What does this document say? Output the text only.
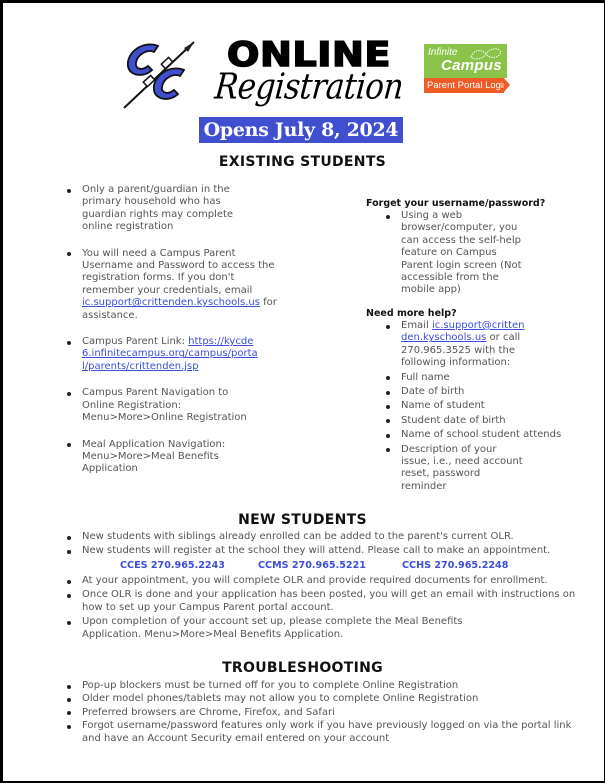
ONLINE
Registration
Infinite
Campus
Parent Portal Login
Opens July 8, 2024
EXISTING STUDENTS
Only a parent/guardian in the primary household who has guardian rights may complete online registration
You will need a Campus Parent Username and Password to access the registration forms. If you don't remember your credentials, email ic.support@crittenden.kyschools.us for assistance.
Campus Parent Link: https://kycde6.infinitecampus.org/campus/portal/parents/crittenden.jsp
Campus Parent Navigation to Online Registration: Menu>More>Online Registration
Meal Application Navigation: Menu>More>Meal Benefits Application
Forget your username/password?
Using a web browser/computer, you can access the self-help feature on Campus Parent login screen (Not accessible from the mobile app)
Need more help?
Email ic.support@crittenden.kyschools.us or call 270.965.3525 with the following information:
Full name
Date of birth
Name of student
Student date of birth
Name of school student attends
Description of your issue, i.e., need account reset, password reminder
NEW STUDENTS
New students with siblings already enrolled can be added to the parent's current OLR.
New students will register at the school they will attend. Please call to make an appointment.
CCES 270.965.2243	CCMS 270.965.5221	CCHS 270.965.2248
At your appointment, you will complete OLR and provide required documents for enrollment.
Once OLR is done and your application has been posted, you will get an email with instructions on how to set up your Campus Parent portal account.
Upon completion of your account set up, please complete the Meal Benefits Application. Menu>More>Meal Benefits Application.
TROUBLESHOOTING
Pop-up blockers must be turned off for you to complete Online Registration
Older model phones/tablets may not allow you to complete Online Registration
Preferred browsers are Chrome, Firefox, and Safari
Forgot username/password features only work if you have previously logged on via the portal link and have an Account Security email entered on your account
